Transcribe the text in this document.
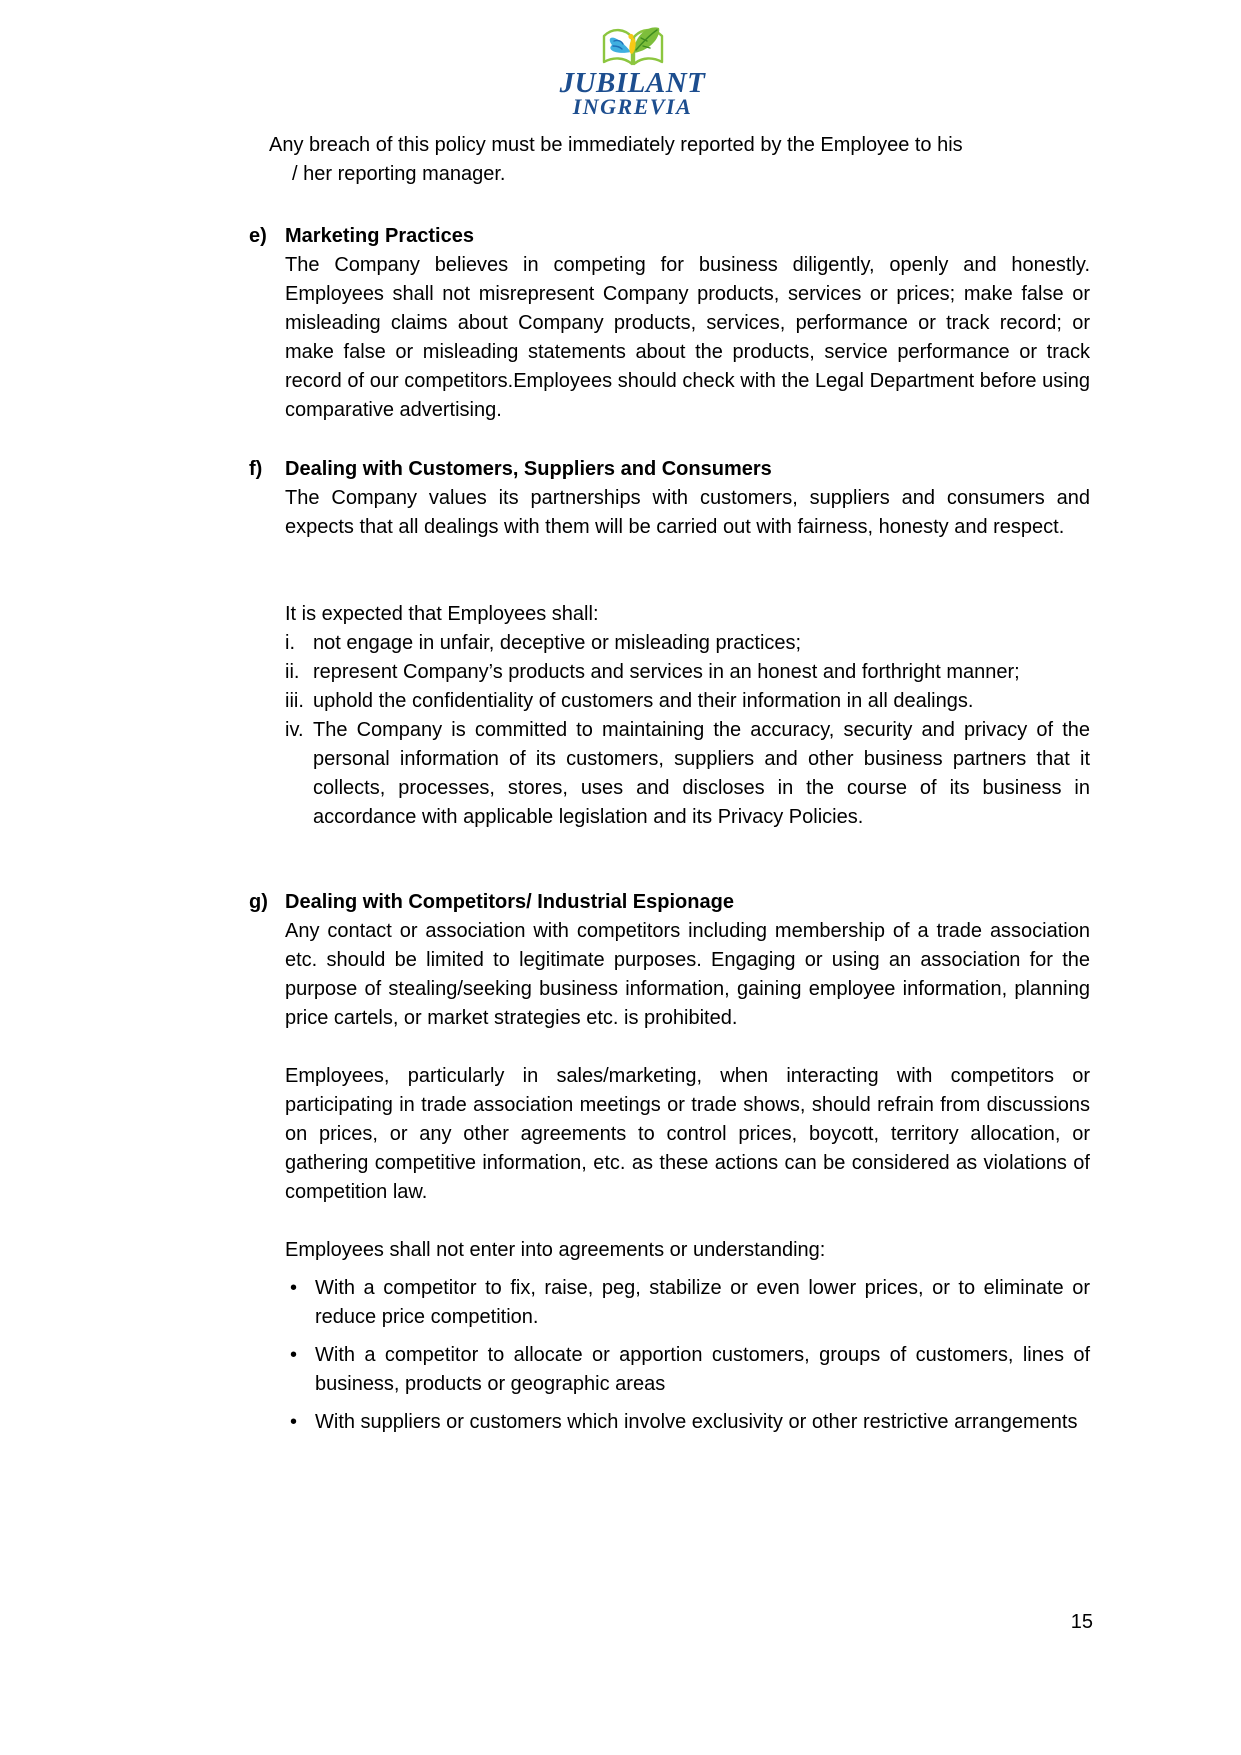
JUBILANT
INGREVIA
Any breach of this policy must be immediately reported by the Employee to his
/ her reporting manager.
e) Marketing Practices

The Company believes in competing for business diligently, openly and honestly. Employees shall not misrepresent Company products, services or prices; make false or misleading claims about Company products, services, performance or track record; or make false or misleading statements about the products, service performance or track record of our competitors.Employees should check with the Legal Department before using comparative advertising.

f)	Dealing with Customers, Suppliers and Consumers

The Company values its partnerships with customers, suppliers and consumers and expects that all dealings with them will be carried out with fairness, honesty and respect.

It is expected that Employees shall:

i. not engage in unfair, deceptive or misleading practices;
ii. represent Company’s products and services in an honest and forthright manner;
iii. uphold the confidentiality of customers and their information in all dealings.
iv. The Company is committed to maintaining the accuracy, security and privacy of the personal information of its customers, suppliers and other business partners that it collects, processes, stores, uses and discloses in the course of its business in accordance with applicable legislation and its Privacy Policies.
g) Dealing with Competitors/ Industrial Espionage

Any contact or association with competitors including membership of a trade association etc. should be limited to legitimate purposes. Engaging or using an association for the purpose of stealing/seeking business information, gaining employee information, planning price cartels, or market strategies etc. is prohibited.

Employees, particularly in sales/marketing, when interacting with competitors or participating in trade association meetings or trade shows, should refrain from discussions on prices, or any other agreements to control prices, boycott, territory allocation, or gathering competitive information, etc. as these actions can be considered as violations of competition law.

Employees shall not enter into agreements or understanding:

• With a competitor to fix, raise, peg, stabilize or even lower prices, or to eliminate or reduce price competition.
• With a competitor to allocate or apportion customers, groups of customers, lines of business, products or geographic areas
• With suppliers or customers which involve exclusivity or other restrictive arrangements
15
